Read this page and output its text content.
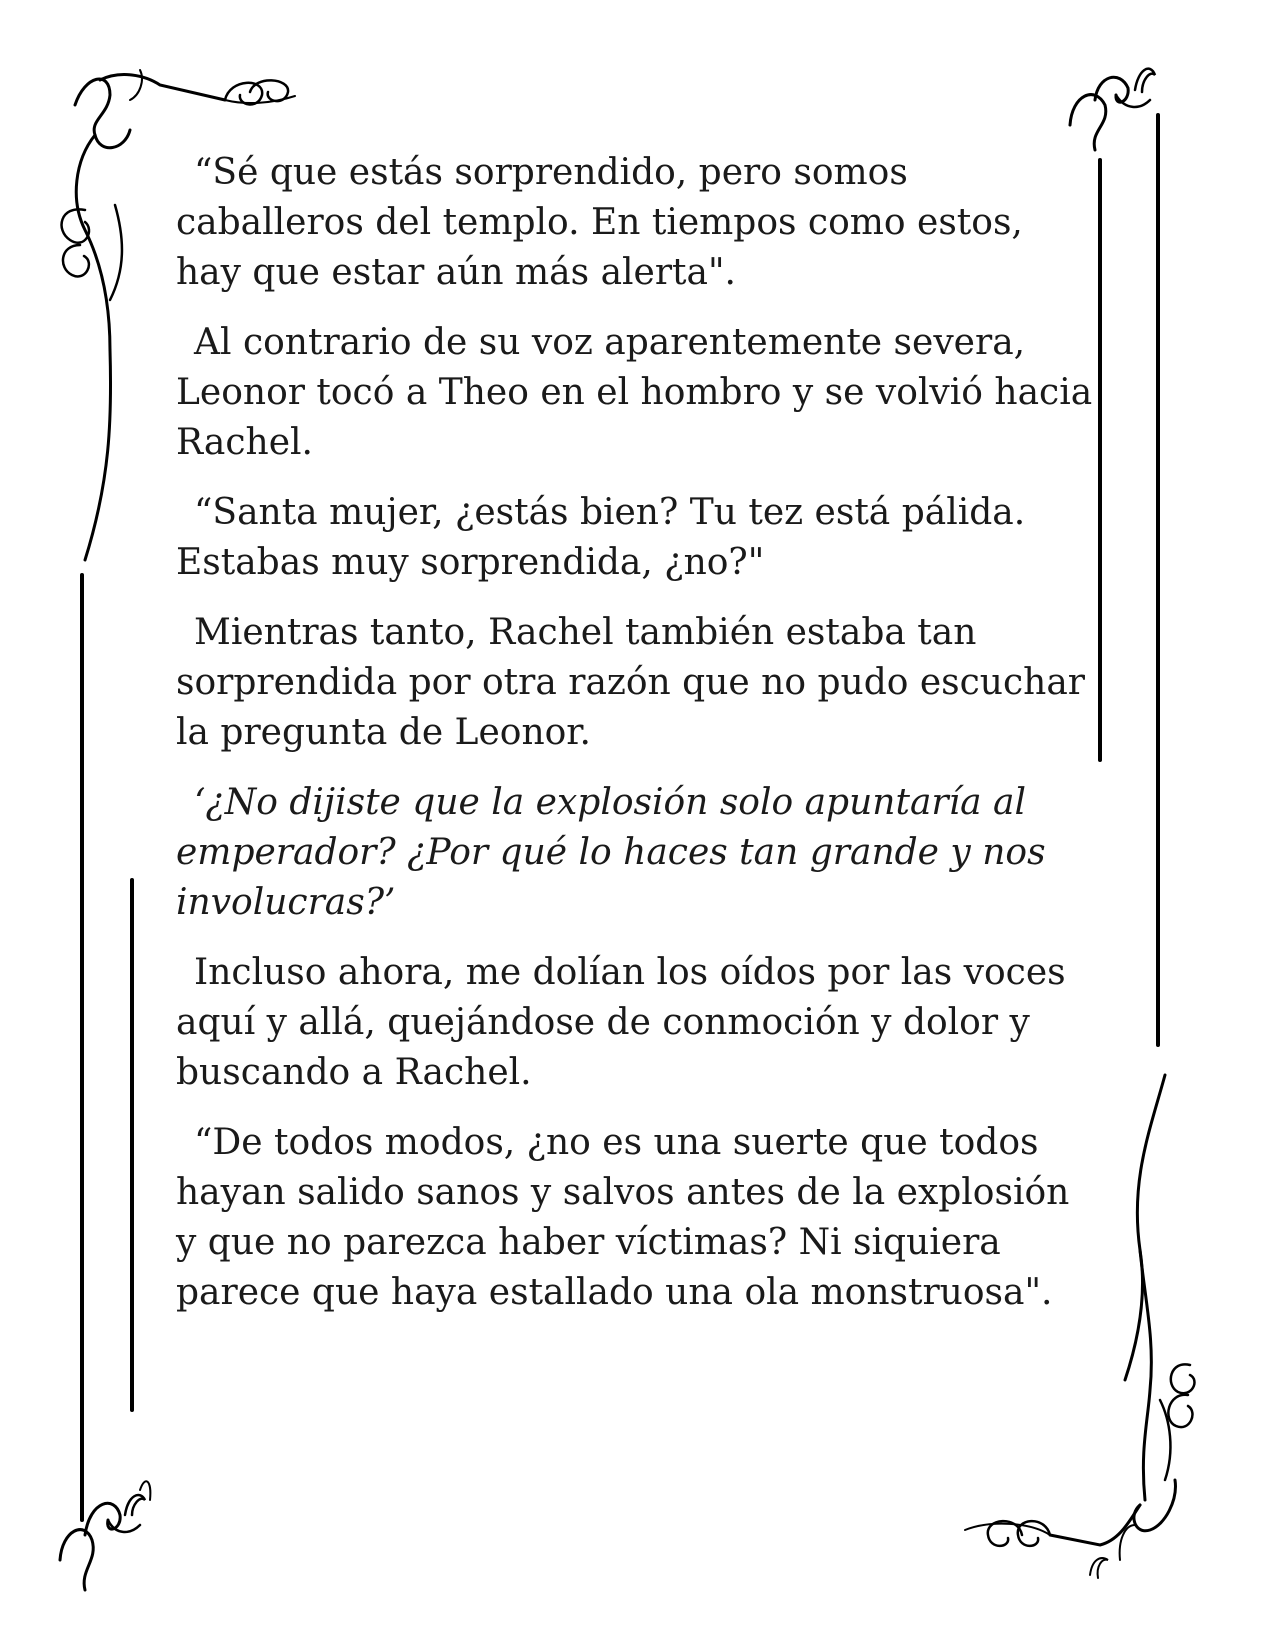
“Sé que estás sorprendido, pero somos caballeros del templo. En tiempos como estos, hay que estar aún más alerta".

Al contrario de su voz aparentemente severa, Leonor tocó a Theo en el hombro y se volvió hacia Rachel.

“Santa mujer, ¿estás bien? Tu tez está pálida. Estabas muy sorprendida, ¿no?"

Mientras tanto, Rachel también estaba tan sorprendida por otra razón que no pudo escuchar la pregunta de Leonor.

‘¿No dijiste que la explosión solo apuntaría al emperador? ¿Por qué lo haces tan grande y nos involucras?’

Incluso ahora, me dolían los oídos por las voces aquí y allá, quejándose de conmoción y dolor y buscando a Rachel.

“De todos modos, ¿no es una suerte que todos hayan salido sanos y salvos antes de la explosión y que no parezca haber víctimas? Ni siquiera parece que haya estallado una ola monstruosa".
